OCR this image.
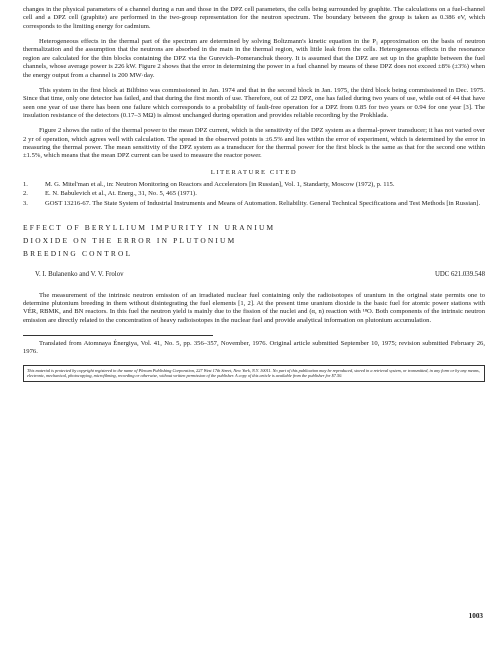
changes in the physical parameters of a channel during a run and those in the DPZ cell parameters, the cells being surrounded by graphite. The calculations on a fuel-channel cell and a DPZ cell (graphite) are performed in the two-group representation for the neutron spectrum. The boundary between the group is taken as 0.386 eV, which corresponds to the limiting energy for cadmium.

Heterogeneous effects in the thermal part of the spectrum are determined by solving Boltzmann's kinetic equation in the P₁ approximation on the basis of neutron thermalization and the assumption that the neutrons are absorbed in the main in the thermal region, with little leak from the cells. Heterogeneous effects in the resonance region are calculated for the thin blocks containing the DPZ via the Gurevich–Pomeranchuk theory. It is assumed that the DPZ are set up in the graphite between the fuel channels, whose average power is 226 kW. Figure 2 shows that the error in determining the power in a fuel channel by means of these DPZ does not exceed ±8% (±3%) when the energy output from a channel is 200 MW·day.

This system in the first block at Bilibino was commissioned in Jan. 1974 and that in the second block in Jan. 1975, the third block being commissioned in Dec. 1975. Since that time, only one detector has failed, and that during the first month of use. Therefore, out of 22 DPZ, one has failed during two years of use, while out of 44 that have seen one year of use there has been one failure which corresponds to a probability of fault-free operation for a DPZ from 0.85 for two years or 0.94 for one year [3]. The insulation resistance of the detectors (0.17–3 MΩ) is almost unchanged during operation and provides reliable recording by the Prokhlada.

Figure 2 shows the ratio of the thermal power to the mean DPZ current, which is the sensitivity of the DPZ system as a thermal-power transducer; it has not varied over 2 yr of operation, which agrees well with calculation. The spread in the observed points is ±6.5% and lies within the error of experiment, which is determined by the error in measuring the thermal power. The mean sensitivity of the DPZ system as a transducer for the thermal power for the first block is the same as that for the second one within ±1.5%, which means that the mean DPZ current can be used to measure the reactor power.

LITERATURE CITED
1.	M. G. Mitel'man et al., in: Neutron Monitoring on Reactors and Accelerators [in Russian], Vol. 1, Standarty, Moscow (1972), p. 115.
2.	E. N. Babulevich et al., At. Energ., 31, No. 5, 465 (1971).
3.	GOST 13216-67. The State System of Industrial Instruments and Means of Automation. Reliability. General Technical Specifications and Test Methods [in Russian].
EFFECT OF BERYLLIUM IMPURITY IN URANIUM
DIOXIDE ON THE ERROR IN PLUTONIUM
BREEDING CONTROL
V. I. Bulanenko and V. V. Frolov	UDC 621.039.548

The measurement of the intrinsic neutron emission of an irradiated nuclear fuel containing only the radioisotopes of uranium in the original state permits one to determine plutonium breeding in them without disintegrating the fuel elements [1, 2]. At the present time uranium dioxide is the basic fuel for atomic power stations with VÉR, RBMK, and BN reactors. In this fuel the neutron yield is mainly due to the fission of the nuclei and (α, n) reaction with ¹⁸O. Both components of the intrinsic neutron emission are directly related to the concentration of heavy radioisotopes in the nuclear fuel and provide analytical information on plutonium accumulation.

Translated from Atomnaya Énergiya, Vol. 41, No. 5, pp. 356–357, November, 1976. Original article submitted September 10, 1975; revision submitted February 26, 1976.

This material is protected by copyright registered in the name of Plenum Publishing Corporation, 227 West 17th Street, New York, N.Y. 10011. No part of this publication may be reproduced, stored in a retrieval system, or transmitted, in any form or by any means, electronic, mechanical, photocopying, microfilming, recording or otherwise, without written permission of the publisher. A copy of this article is available from the publisher for $7.50.
1003
